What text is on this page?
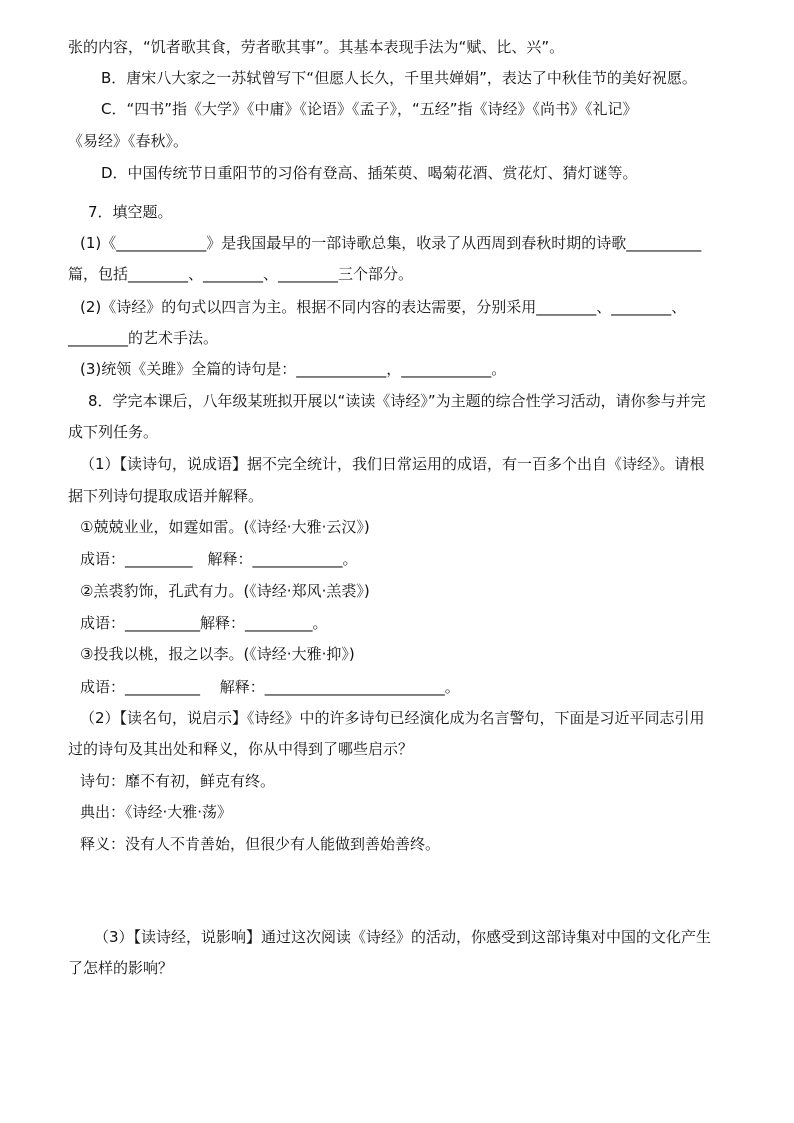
张的内容，“饥者歌其食，劳者歌其事”。其基本表现手法为“赋、比、兴”。
B．唐宋八大家之一苏轼曾写下“但愿人长久，千里共婵娟”，表达了中秋佳节的美好祝愿。
C．“四书”指《大学》《中庸》《论语》《孟子》，“五经”指《诗经》《尚书》《礼记》
《易经》《春秋》。
D．中国传统节日重阳节的习俗有登高、插茱萸、喝菊花酒、赏花灯、猜灯谜等。
7．填空题。
(1)《____________》是我国最早的一部诗歌总集，收录了从西周到春秋时期的诗歌__________
篇，包括________、________、________三个部分。
(2)《诗经》的句式以四言为主。根据不同内容的表达需要，分别采用________、________、
________的艺术手法。
(3)统领《关雎》全篇的诗句是：____________，____________。
8．学完本课后，八年级某班拟开展以“读读《诗经》”为主题的综合性学习活动，请你参与并完
成下列任务。
（1）【读诗句，说成语】据不完全统计，我们日常运用的成语，有一百多个出自《诗经》。请根
据下列诗句提取成语并解释。
①兢兢业业，如霆如雷。(《诗经·大雅·云汉》)
成语：_________　解释：____________。
②羔裘豹饰，孔武有力。(《诗经·郑风·羔裘》)
成语：__________解释：_________。
③投我以桃，报之以李。(《诗经·大雅·抑》)
成语：__________　 解释：________________________。
（2）【读名句，说启示】《诗经》中的许多诗句已经演化成为名言警句，下面是习近平同志引用
过的诗句及其出处和释义，你从中得到了哪些启示？
诗句：靡不有初，鲜克有终。
典出：《诗经·大雅·荡》
释义：没有人不肯善始，但很少有人能做到善始善终。
（3）【读诗经，说影响】通过这次阅读《诗经》的活动，你感受到这部诗集对中国的文化产生
了怎样的影响？
